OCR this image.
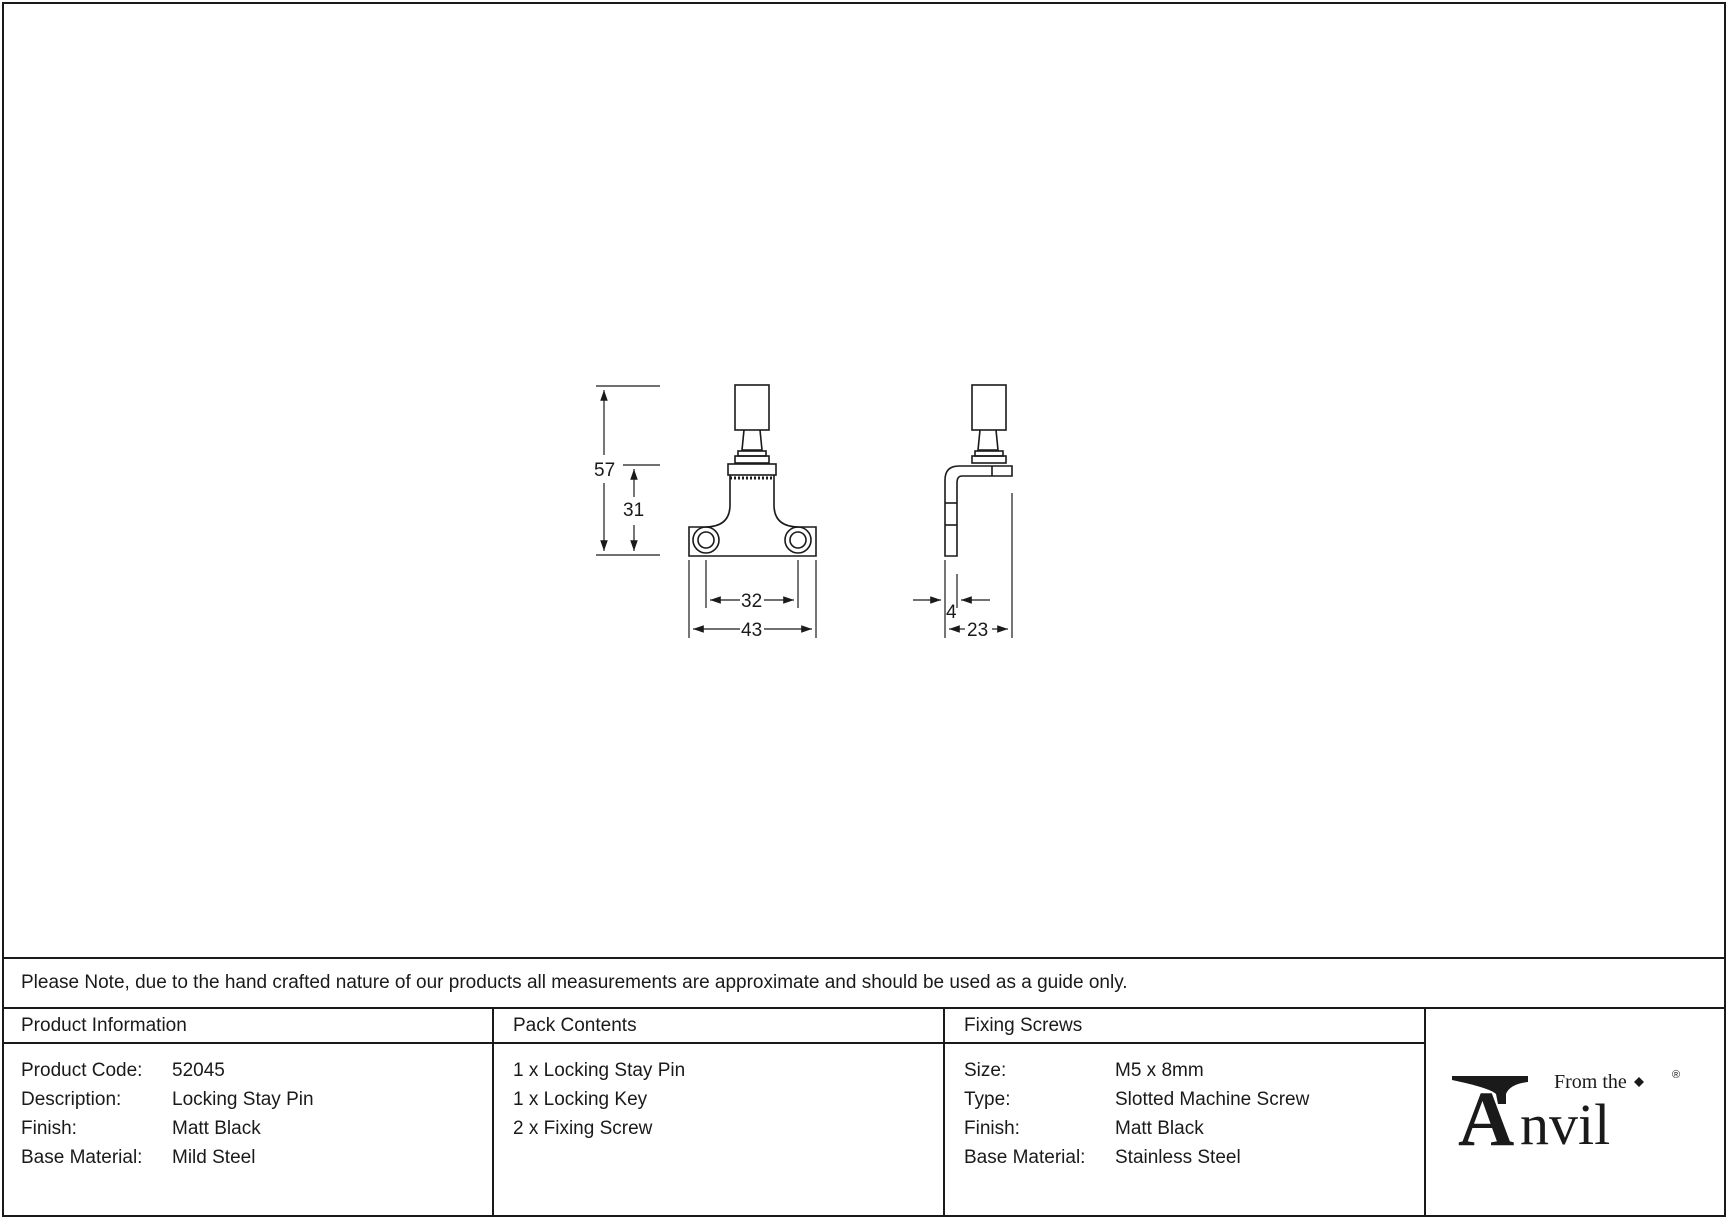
57
31
32
43
4
23
Please Note, due to the hand crafted nature of our products all measurements are approximate and should be used as a guide only.
Product Information
Product Code:	52045
Description:	Locking Stay Pin
Finish:	Matt Black
Base Material:	Mild Steel
Pack Contents
1 x Locking Stay Pin
1 x Locking Key
2 x Fixing Screw
Fixing Screws
Size:	M5 x 8mm
Type:	Slotted Machine Screw
Finish:	Matt Black
Base Material:	Stainless Steel
From the
A nvil
®
